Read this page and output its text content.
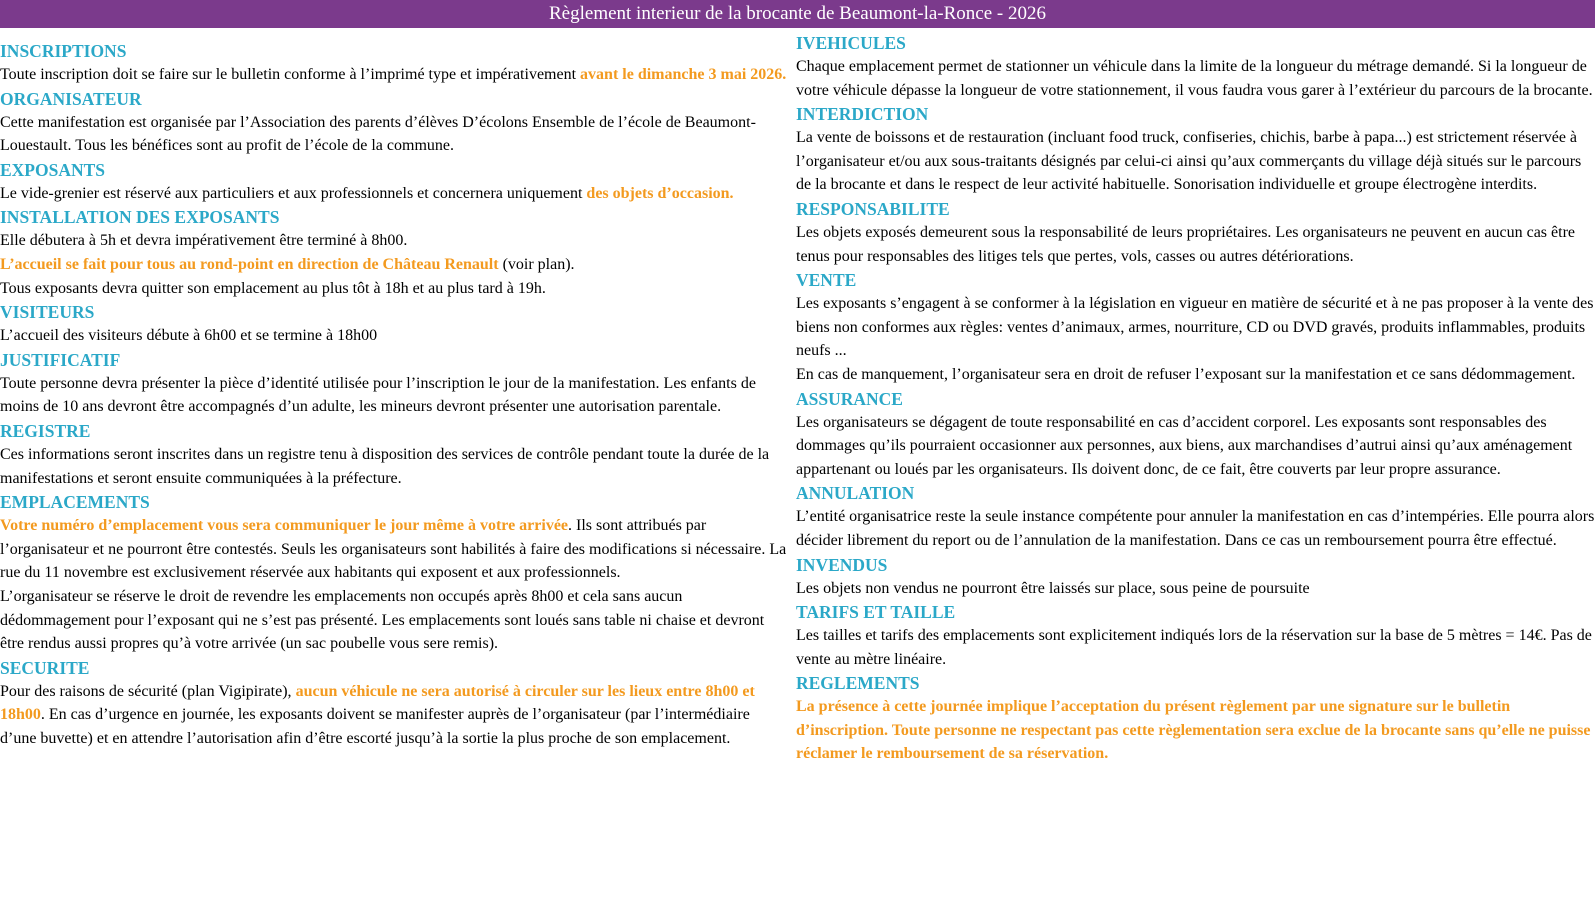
Règlement interieur de la brocante de Beaumont-la-Ronce - 2026
INSCRIPTIONS

Toute inscription doit se faire sur le bulletin conforme à l’imprimé type et impérativement avant le dimanche 3 mai 2026.

ORGANISATEUR

Cette manifestation est organisée par l’Association des parents d’élèves D’écolons Ensemble de l’école de Beaumont-Louestault. Tous les bénéfices sont au profit de l’école de la commune.

EXPOSANTS

Le vide-grenier est réservé aux particuliers et aux professionnels et concernera uniquement des objets d’occasion.

INSTALLATION DES EXPOSANTS

Elle débutera à 5h et devra impérativement être terminé à 8h00.

L’accueil se fait pour tous au rond-point en direction de Château Renault (voir plan).

Tous exposants devra quitter son emplacement au plus tôt à 18h et au plus tard à 19h.

VISITEURS

L’accueil des visiteurs débute à 6h00 et se termine à 18h00

JUSTIFICATIF

Toute personne devra présenter la pièce d’identité utilisée pour l’inscription le jour de la manifestation. Les enfants de moins de 10 ans devront être accompagnés d’un adulte, les mineurs devront présenter une autorisation parentale.

REGISTRE

Ces informations seront inscrites dans un registre tenu à disposition des services de contrôle pendant toute la durée de la manifestations et seront ensuite communiquées à la préfecture.

EMPLACEMENTS

Votre numéro d’emplacement vous sera communiquer le jour même à votre arrivée. Ils sont attribués par l’organisateur et ne pourront être contestés. Seuls les organisateurs sont habilités à faire des modifications si nécessaire. La rue du 11 novembre est exclusivement réservée aux habitants qui exposent et aux professionnels.

L’organisateur se réserve le droit de revendre les emplacements non occupés après 8h00 et cela sans aucun dédommagement pour l’exposant qui ne s’est pas présenté. Les emplacements sont loués sans table ni chaise et devront être rendus aussi propres qu’à votre arrivée (un sac poubelle vous sere remis).

SECURITE

Pour des raisons de sécurité (plan Vigipirate), aucun véhicule ne sera autorisé à circuler sur les lieux entre 8h00 et 18h00. En cas d’urgence en journée, les exposants doivent se manifester auprès de l’organisateur (par l’intermédiaire d’une buvette) et en attendre l’autorisation afin d’être escorté jusqu’à la sortie la plus proche de son emplacement.

IVEHICULES

Chaque emplacement permet de stationner un véhicule dans la limite de la longueur du métrage demandé. Si la longueur de votre véhicule dépasse la longueur de votre stationnement, il vous faudra vous garer à l’extérieur du parcours de la brocante.

INTERDICTION

La vente de boissons et de restauration (incluant food truck, confiseries, chichis, barbe à papa...) est strictement réservée à l’organisateur et/ou aux sous-traitants désignés par celui-ci ainsi qu’aux commerçants du village déjà situés sur le parcours de la brocante et dans le respect de leur activité habituelle. Sonorisation individuelle et groupe électrogène interdits.

RESPONSABILITE

Les objets exposés demeurent sous la responsabilité de leurs propriétaires. Les organisateurs ne peuvent en aucun cas être tenus pour responsables des litiges tels que pertes, vols, casses ou autres détériorations.

VENTE

Les exposants s’engagent à se conformer à la législation en vigueur en matière de sécurité et à ne pas proposer à la vente des biens non conformes aux règles: ventes d’animaux, armes, nourriture, CD ou DVD gravés, produits inflammables, produits neufs ...

En cas de manquement, l’organisateur sera en droit de refuser l’exposant sur la manifestation et ce sans dédommagement.

ASSURANCE

Les organisateurs se dégagent de toute responsabilité en cas d’accident corporel. Les exposants sont responsables des dommages qu’ils pourraient occasionner aux personnes, aux biens, aux marchandises d’autrui ainsi qu’aux aménagement appartenant ou loués par les organisateurs. Ils doivent donc, de ce fait, être couverts par leur propre assurance.

ANNULATION

L’entité organisatrice reste la seule instance compétente pour annuler la manifestation en cas d’intempéries. Elle pourra alors décider librement du report ou de l’annulation de la manifestation. Dans ce cas un remboursement pourra être effectué.

INVENDUS

Les objets non vendus ne pourront être laissés sur place, sous peine de poursuite

TARIFS ET TAILLE

Les tailles et tarifs des emplacements sont explicitement indiqués lors de la réservation sur la base de 5 mètres = 14€. Pas de vente au mètre linéaire.

REGLEMENTS

La présence à cette journée implique l’acceptation du présent règlement par une signature sur le bulletin d’inscription. Toute personne ne respectant pas cette règlementation sera exclue de la brocante sans qu’elle ne puisse réclamer le remboursement de sa réservation.
